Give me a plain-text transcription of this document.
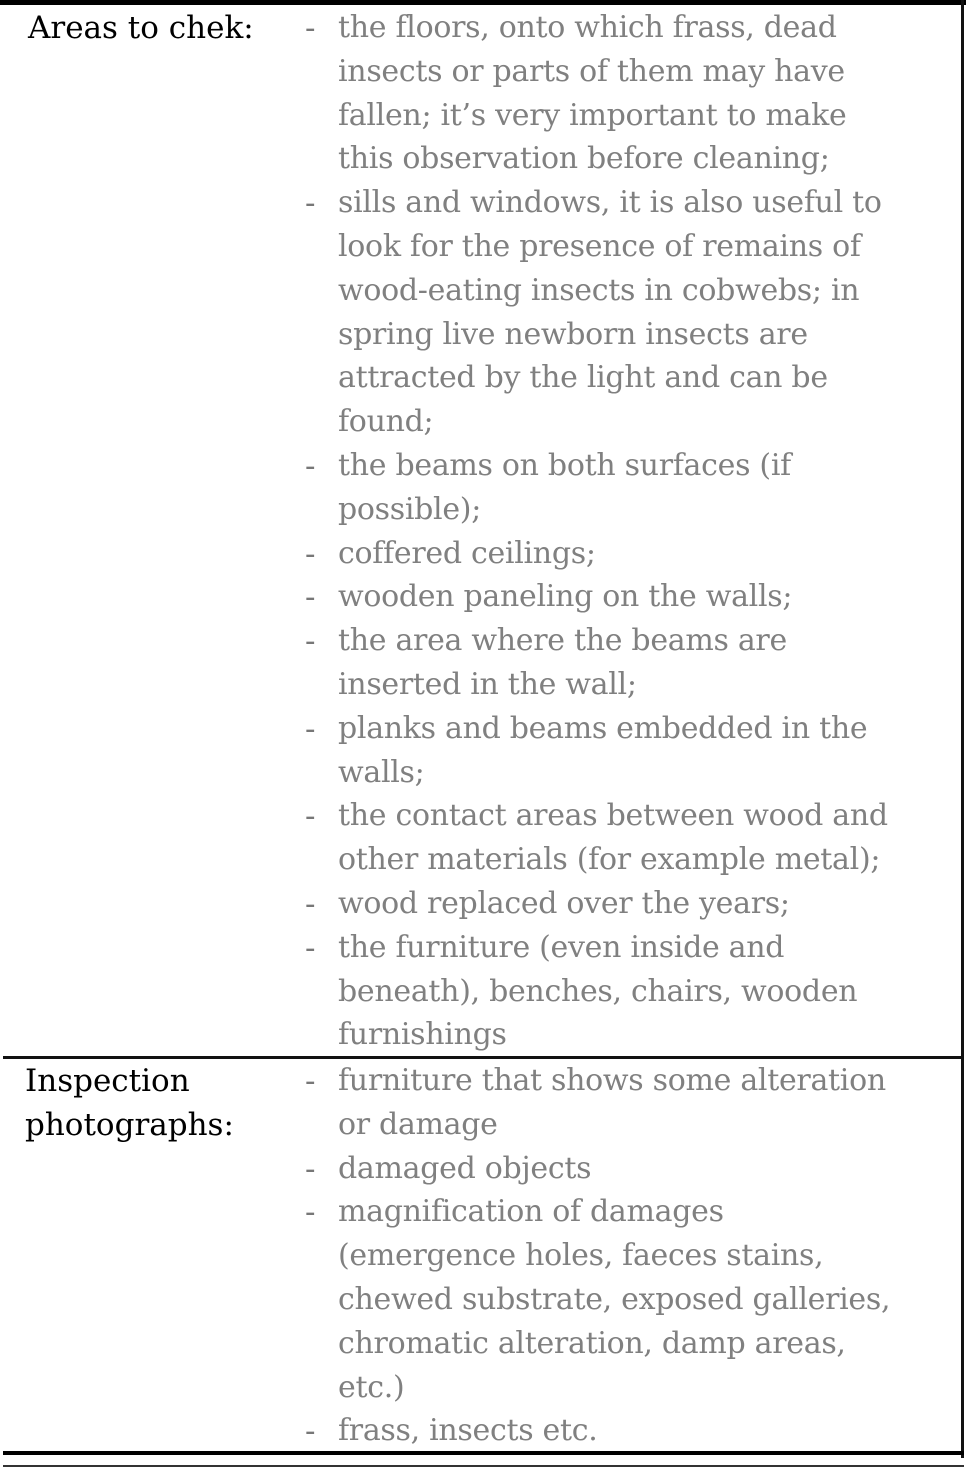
Areas to chek: - the floors, onto which frass, dead
insects or parts of them may have
fallen; it’s very important to make
this observation before cleaning;
- sills and windows, it is also useful to
look for the presence of remains of
wood-eating insects in cobwebs; in
spring live newborn insects are
attracted by the light and can be
found;
- the beams on both surfaces (if
possible);
- coffered ceilings;
- wooden paneling on the walls;
- the area where the beams are
inserted in the wall;
- planks and beams embedded in the
walls;
- the contact areas between wood and
other materials (for example metal);
- wood replaced over the years;
- the furniture (even inside and
beneath), benches, chairs, wooden
furnishings
Inspection
photographs:
- furniture that shows some alteration
or damage
- damaged objects
- magnification of damages
(emergence holes, faeces stains,
chewed substrate, exposed galleries,
chromatic alteration, damp areas,
etc.)
- frass, insects etc.
